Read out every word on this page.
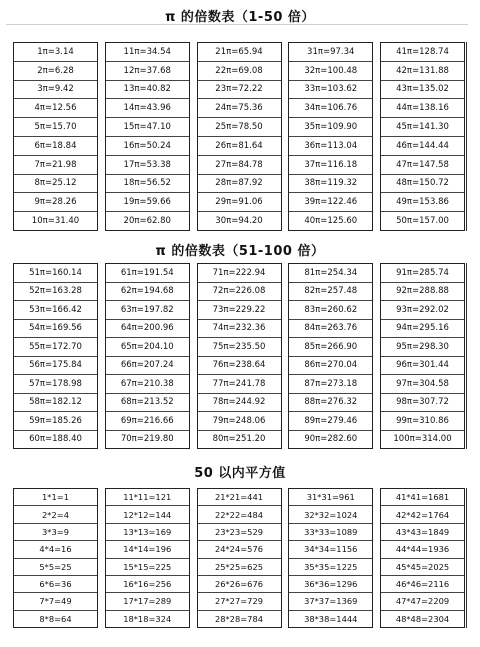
π 的倍数表（1-50 倍）
1π=3.14
2π=6.28
3π=9.42
4π=12.56
5π=15.70
6π=18.84
7π=21.98
8π=25.12
9π=28.26
10π=31.40
11π=34.54
12π=37.68
13π=40.82
14π=43.96
15π=47.10
16π=50.24
17π=53.38
18π=56.52
19π=59.66
20π=62.80
21π=65.94
22π=69.08
23π=72.22
24π=75.36
25π=78.50
26π=81.64
27π=84.78
28π=87.92
29π=91.06
30π=94.20
31π=97.34
32π=100.48
33π=103.62
34π=106.76
35π=109.90
36π=113.04
37π=116.18
38π=119.32
39π=122.46
40π=125.60
41π=128.74
42π=131.88
43π=135.02
44π=138.16
45π=141.30
46π=144.44
47π=147.58
48π=150.72
49π=153.86
50π=157.00
π 的倍数表（51-100 倍）
51π=160.14
52π=163.28
53π=166.42
54π=169.56
55π=172.70
56π=175.84
57π=178.98
58π=182.12
59π=185.26
60π=188.40
61π=191.54
62π=194.68
63π=197.82
64π=200.96
65π=204.10
66π=207.24
67π=210.38
68π=213.52
69π=216.66
70π=219.80
71π=222.94
72π=226.08
73π=229.22
74π=232.36
75π=235.50
76π=238.64
77π=241.78
78π=244.92
79π=248.06
80π=251.20
81π=254.34
82π=257.48
83π=260.62
84π=263.76
85π=266.90
86π=270.04
87π=273.18
88π=276.32
89π=279.46
90π=282.60
91π=285.74
92π=288.88
93π=292.02
94π=295.16
95π=298.30
96π=301.44
97π=304.58
98π=307.72
99π=310.86
100π=314.00
50 以内平方值
1*1=1
2*2=4
3*3=9
4*4=16
5*5=25
6*6=36
7*7=49
8*8=64
11*11=121
12*12=144
13*13=169
14*14=196
15*15=225
16*16=256
17*17=289
18*18=324
21*21=441
22*22=484
23*23=529
24*24=576
25*25=625
26*26=676
27*27=729
28*28=784
31*31=961
32*32=1024
33*33=1089
34*34=1156
35*35=1225
36*36=1296
37*37=1369
38*38=1444
41*41=1681
42*42=1764
43*43=1849
44*44=1936
45*45=2025
46*46=2116
47*47=2209
48*48=2304
